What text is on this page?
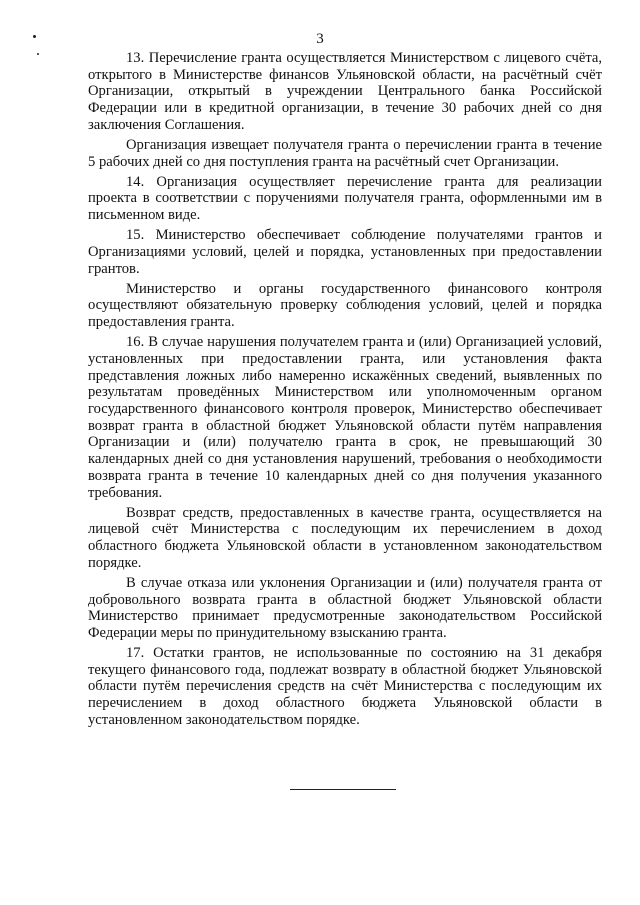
3

13. Перечисление гранта осуществляется Министерством с лицевого счёта, открытого в Министерстве финансов Ульяновской области, на расчётный счёт Организации, открытый в учреждении Центрального банка Российской Федерации или в кредитной организации, в течение 30 рабочих дней со дня заключения Соглашения.

Организация извещает получателя гранта о перечислении гранта в течение 5 рабочих дней со дня поступления гранта на расчётный счет Организации.

14. Организация осуществляет перечисление гранта для реализации проекта в соответствии с поручениями получателя гранта, оформленными им в письменном виде.

15. Министерство обеспечивает соблюдение получателями грантов и Организациями условий, целей и порядка, установленных при предоставлении грантов.

Министерство и органы государственного финансового контроля осуществляют обязательную проверку соблюдения условий, целей и порядка предоставления гранта.

16. В случае нарушения получателем гранта и (или) Организацией условий, установленных при предоставлении гранта, или установления факта представления ложных либо намеренно искажённых сведений, выявленных по результатам проведённых Министерством или уполномоченным органом государственного финансового контроля проверок, Министерство обеспечивает возврат гранта в областной бюджет Ульяновской области путём направления Организации и (или) получателю гранта в срок, не превышающий 30 календарных дней со дня установления нарушений, требования о необходимости возврата гранта в течение 10 календарных дней со дня получения указанного требования.

Возврат средств, предоставленных в качестве гранта, осуществляется на лицевой счёт Министерства с последующим их перечислением в доход областного бюджета Ульяновской области в установленном законодательством порядке.

В случае отказа или уклонения Организации и (или) получателя гранта от добровольного возврата гранта в областной бюджет Ульяновской области Министерство принимает предусмотренные законодательством Российской Федерации меры по принудительному взысканию гранта.

17. Остатки грантов, не использованные по состоянию на 31 декабря текущего финансового года, подлежат возврату в областной бюджет Ульяновской области путём перечисления средств на счёт Министерства с последующим их перечислением в доход областного бюджета Ульяновской области в установленном законодательством порядке.
